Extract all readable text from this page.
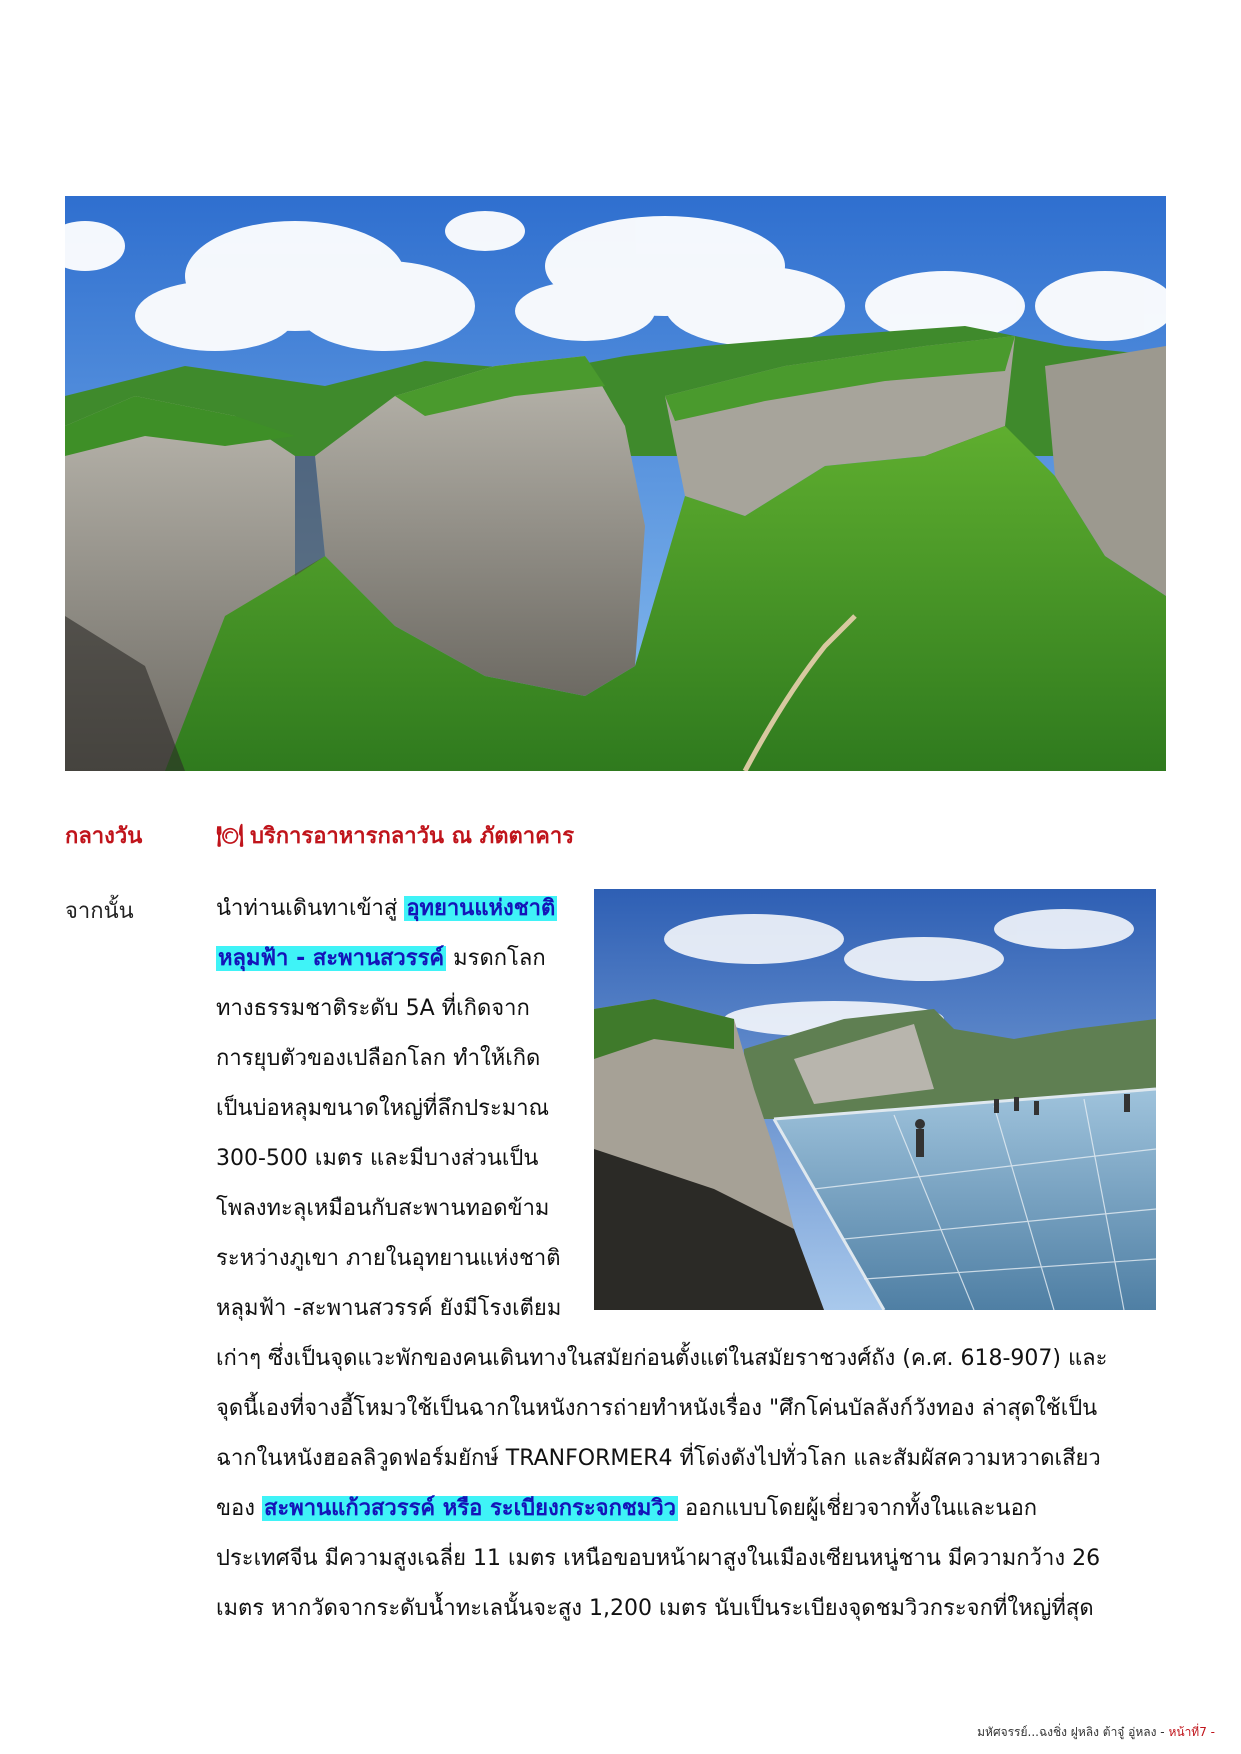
กลางวัน	🍽︎ บริการอาหารกลาวัน ณ ภัตตาคาร
จากนั้น	นำท่านเดินทาเข้าสู่ อุทยานแห่งชาติ
หลุมฟ้า - สะพานสวรรค์ มรดกโลก
ทางธรรมชาติระดับ 5A ที่เกิดจาก
การยุบตัวของเปลือกโลก ทำให้เกิด
เป็นบ่อหลุมขนาดใหญ่ที่ลึกประมาณ
300-500 เมตร และมีบางส่วนเป็น
โพลงทะลุเหมือนกับสะพานทอดข้าม
ระหว่างภูเขา ภายในอุทยานแห่งชาติ
หลุมฟ้า -สะพานสวรรค์ ยังมีโรงเตียม
เก่าๆ ซึ่งเป็นจุดแวะพักของคนเดินทางในสมัยก่อนตั้งแต่ในสมัยราชวงศ์ถัง (ค.ศ. 618-907) และ
จุดนี้เองที่จางอี้โหมวใช้เป็นฉากในหนังการถ่ายทำหนังเรื่อง "ศึกโค่นบัลลังก์วังทอง ล่าสุดใช้เป็น
ฉากในหนังฮอลลิวูดฟอร์มยักษ์ TRANFORMER4 ที่โด่งดังไปทั่วโลก และสัมผัสความหวาดเสียว
ของ สะพานแก้วสวรรค์ หรือ ระเบียงกระจกชมวิว ออกแบบโดยผู้เชี่ยวจากทั้งในและนอก
ประเทศจีน มีความสูงเฉลี่ย 11 เมตร เหนือขอบหน้าผาสูงในเมืองเซียนหนู่ชาน มีความกว้าง 26
เมตร หากวัดจากระดับน้ำทะเลนั้นจะสูง 1,200 เมตร นับเป็นระเบียงจุดชมวิวกระจกที่ใหญ่ที่สุด
มหัศจรรย์...ฉงชิ่ง ฝูหลิง ต้าจู๋ อู่หลง - หน้าที่7 -
